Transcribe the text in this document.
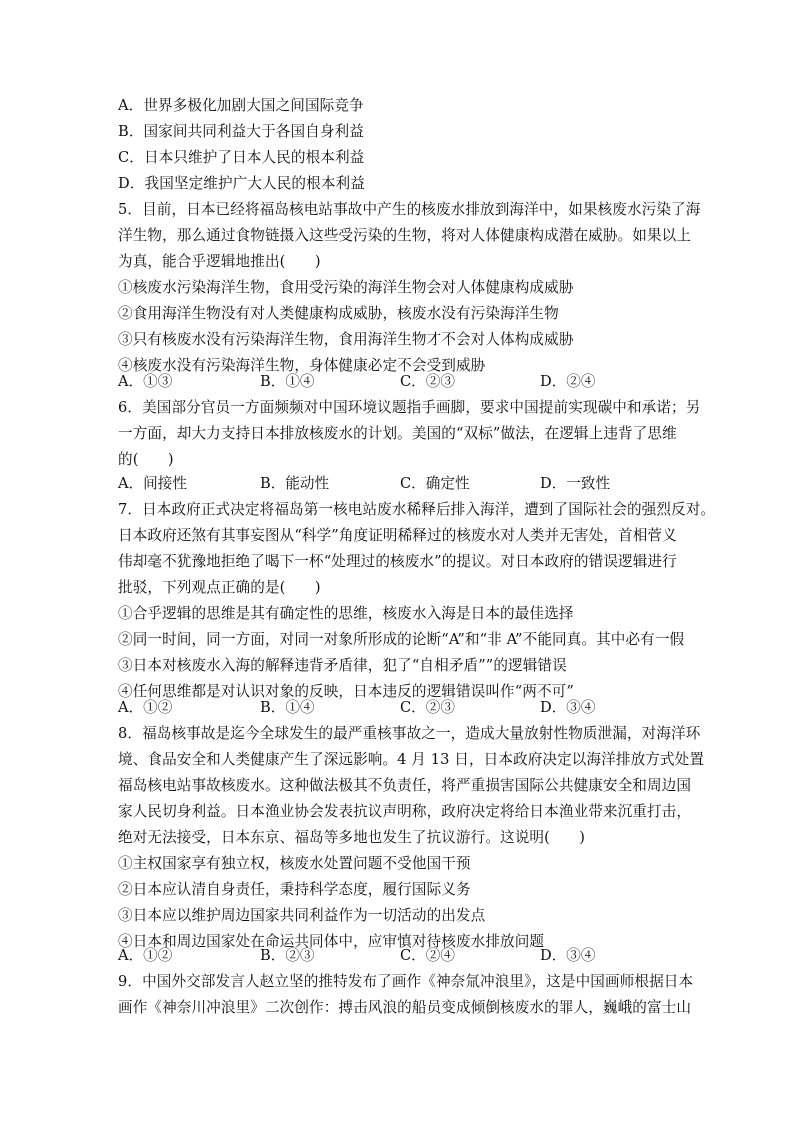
A．世界多极化加剧大国之间国际竞争
B．国家间共同利益大于各国自身利益
C．日本只维护了日本人民的根本利益
D．我国坚定维护广大人民的根本利益
5．目前，日本已经将福岛核电站事故中产生的核废水排放到海洋中，如果核废水污染了海
洋生物，那么通过食物链摄入这些受污染的生物，将对人体健康构成潜在威胁。如果以上
为真，能合乎逻辑地推出(　　)
①核废水污染海洋生物，食用受污染的海洋生物会对人体健康构成威胁
②食用海洋生物没有对人类健康构成威胁，核废水没有污染海洋生物
③只有核废水没有污染海洋生物，食用海洋生物才不会对人体构成威胁
④核废水没有污染海洋生物，身体健康必定不会受到威胁
A．①③	B．①④	C．②③	D．②④
6．美国部分官员一方面频频对中国环境议题指手画脚，要求中国提前实现碳中和承诺；另
一方面，却大力支持日本排放核废水的计划。美国的“双标”做法，在逻辑上违背了思维
的(　　)
A．间接性	B．能动性	C．确定性	D．一致性
7．日本政府正式决定将福岛第一核电站废水稀释后排入海洋，遭到了国际社会的强烈反对。
日本政府还煞有其事妄图从“科学”角度证明稀释过的核废水对人类并无害处，首相菅义
伟却毫不犹豫地拒绝了喝下一杯“处理过的核废水”的提议。对日本政府的错误逻辑进行
批驳，下列观点正确的是(　　)
①合乎逻辑的思维是其有确定性的思维，核废水入海是日本的最佳选择
②同一时间，同一方面，对同一对象所形成的论断“A”和“非 A”不能同真。其中必有一假
③日本对核废水入海的解释违背矛盾律，犯了“自相矛盾””的逻辑错误
④任何思维都是对认识对象的反映，日本违反的逻辑错误叫作“两不可”
A．①②	B．①④	C．②③	D．③④
8．福岛核事故是迄今全球发生的最严重核事故之一，造成大量放射性物质泄漏，对海洋环
境、食品安全和人类健康产生了深远影响。4 月 13 日，日本政府决定以海洋排放方式处置
福岛核电站事故核废水。这种做法极其不负责任，将严重损害国际公共健康安全和周边国
家人民切身利益。日本渔业协会发表抗议声明称，政府决定将给日本渔业带来沉重打击，
绝对无法接受，日本东京、福岛等多地也发生了抗议游行。这说明(　　)
①主权国家享有独立权，核废水处置问题不受他国干预
②日本应认清自身责任，秉持科学态度，履行国际义务
③日本应以维护周边国家共同利益作为一切活动的出发点
④日本和周边国家处在命运共同体中，应审慎对待核废水排放问题
A．①②	B．②③	C．②④	D．③④
9．中国外交部发言人赵立坚的推特发布了画作《神奈氚冲浪里》，这是中国画师根据日本
画作《神奈川冲浪里》二次创作：搏击风浪的船员变成倾倒核废水的罪人，巍峨的富士山
